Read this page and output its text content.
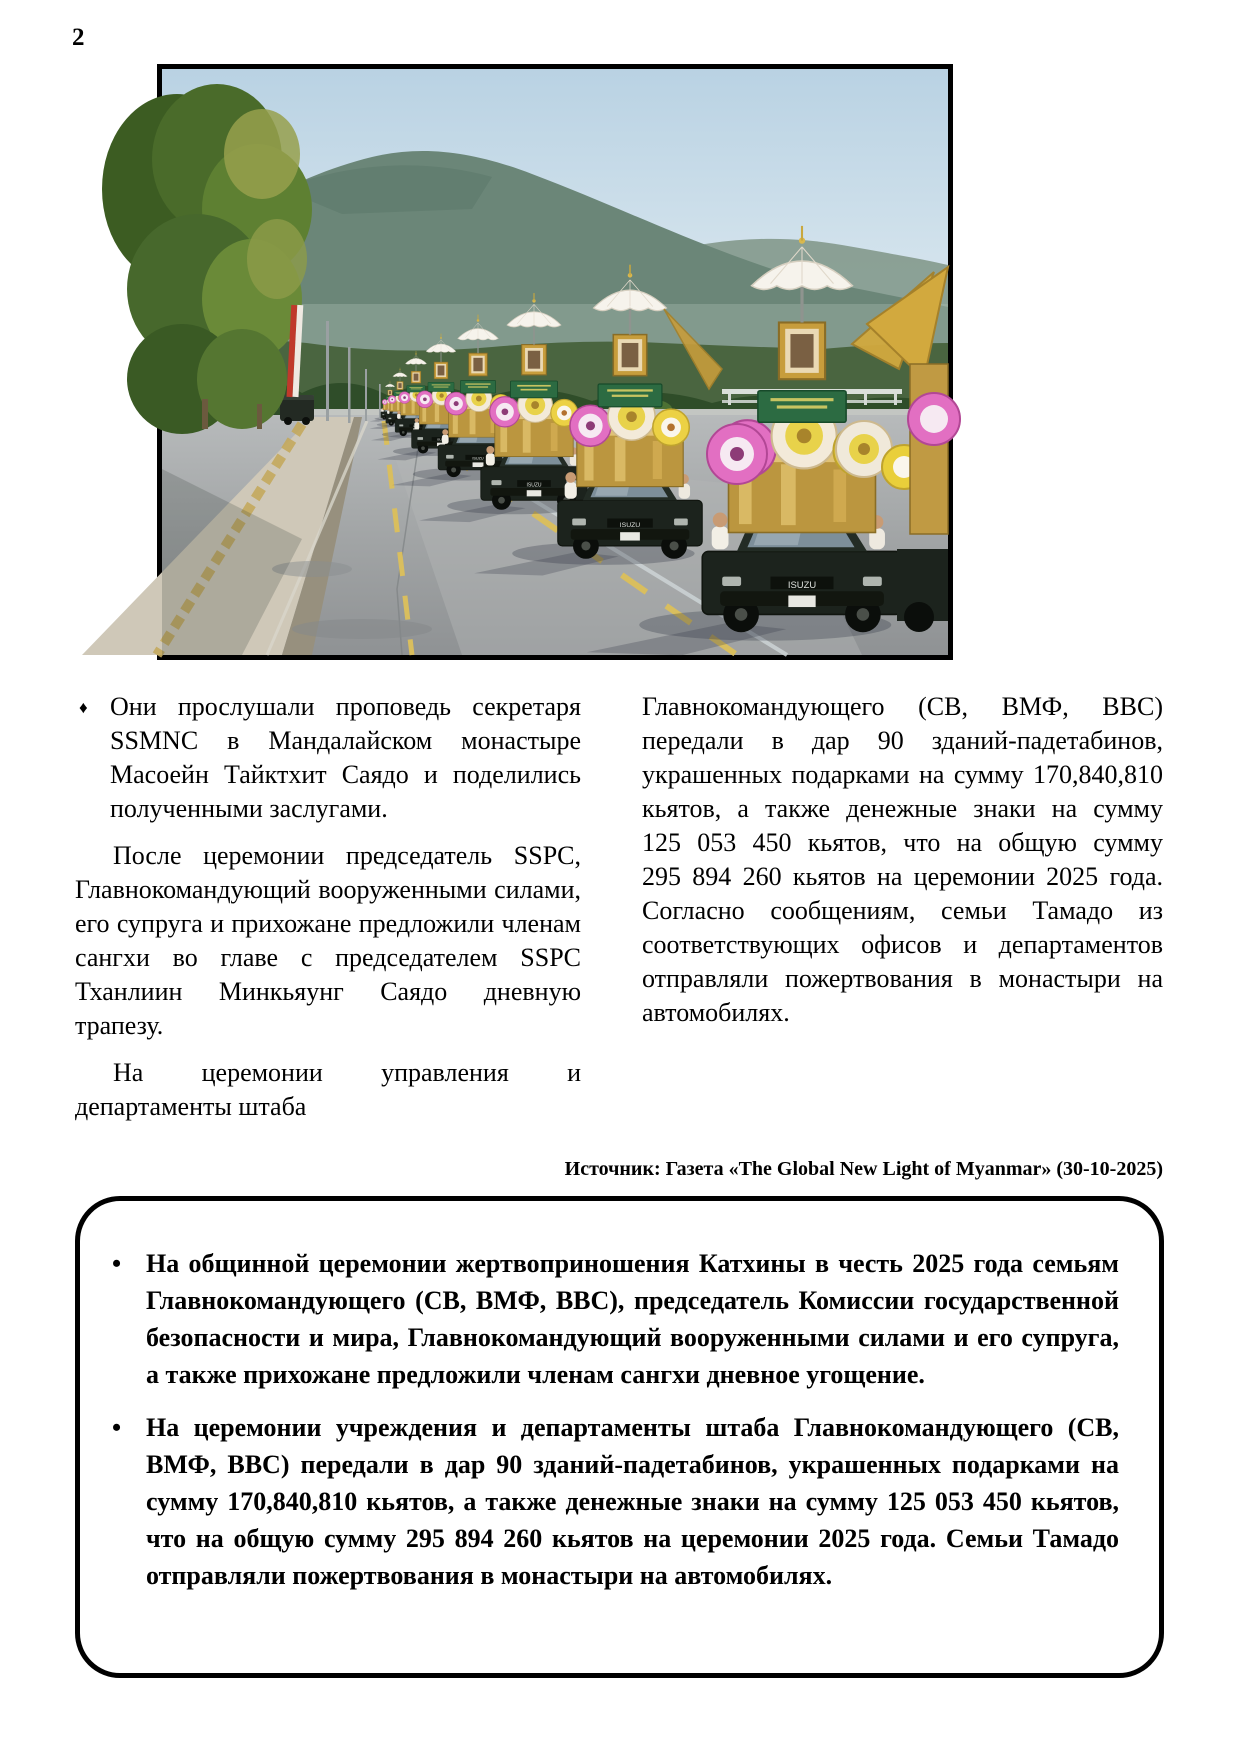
2	ISUZU
♦ Они прослушали проповедь секретаря SSMNC в Мандалайском монастыре Масоейн Тайктхит Саядо и поделились полученными заслугами.

После церемонии председатель SSPC, Главнокомандующий вооруженными силами, его супруга и прихожане предложили членам сангхи во главе с председателем SSPC Тханлиин Минкьяунг Саядо дневную трапезу.

На церемонии управления и департаменты штаба

Главнокомандующего (СВ, ВМФ, ВВС) передали в дар 90 зданий-падетабинов, украшенных подарками на сумму 170,840,810 кьятов, а также денежные знаки на сумму 125 053 450 кьятов, что на общую сумму 295 894 260 кьятов на церемонии 2025 года. Согласно сообщениям, семьи Тамадо из соответствующих офисов и департаментов отправляли пожертвования в монастыри на автомобилях.

Источник: Газета «The Global New Light of Myanmar» (30-10-2025)
• На общинной церемонии жертвоприношения Катхины в честь 2025 года семьям Главнокомандующего (СВ, ВМФ, ВВС), председатель Комиссии государственной безопасности и мира, Главнокомандующий вооруженными силами и его супруга, а также прихожане предложили членам сангхи дневное угощение.
• На церемонии учреждения и департаменты штаба Главнокомандующего (СВ, ВМФ, ВВС) передали в дар 90 зданий-падетабинов, украшенных подарками на сумму 170,840,810 кьятов, а также денежные знаки на сумму 125 053 450 кьятов, что на общую сумму 295 894 260 кьятов на церемонии 2025 года. Семьи Тамадо отправляли пожертвования в монастыри на автомобилях.
